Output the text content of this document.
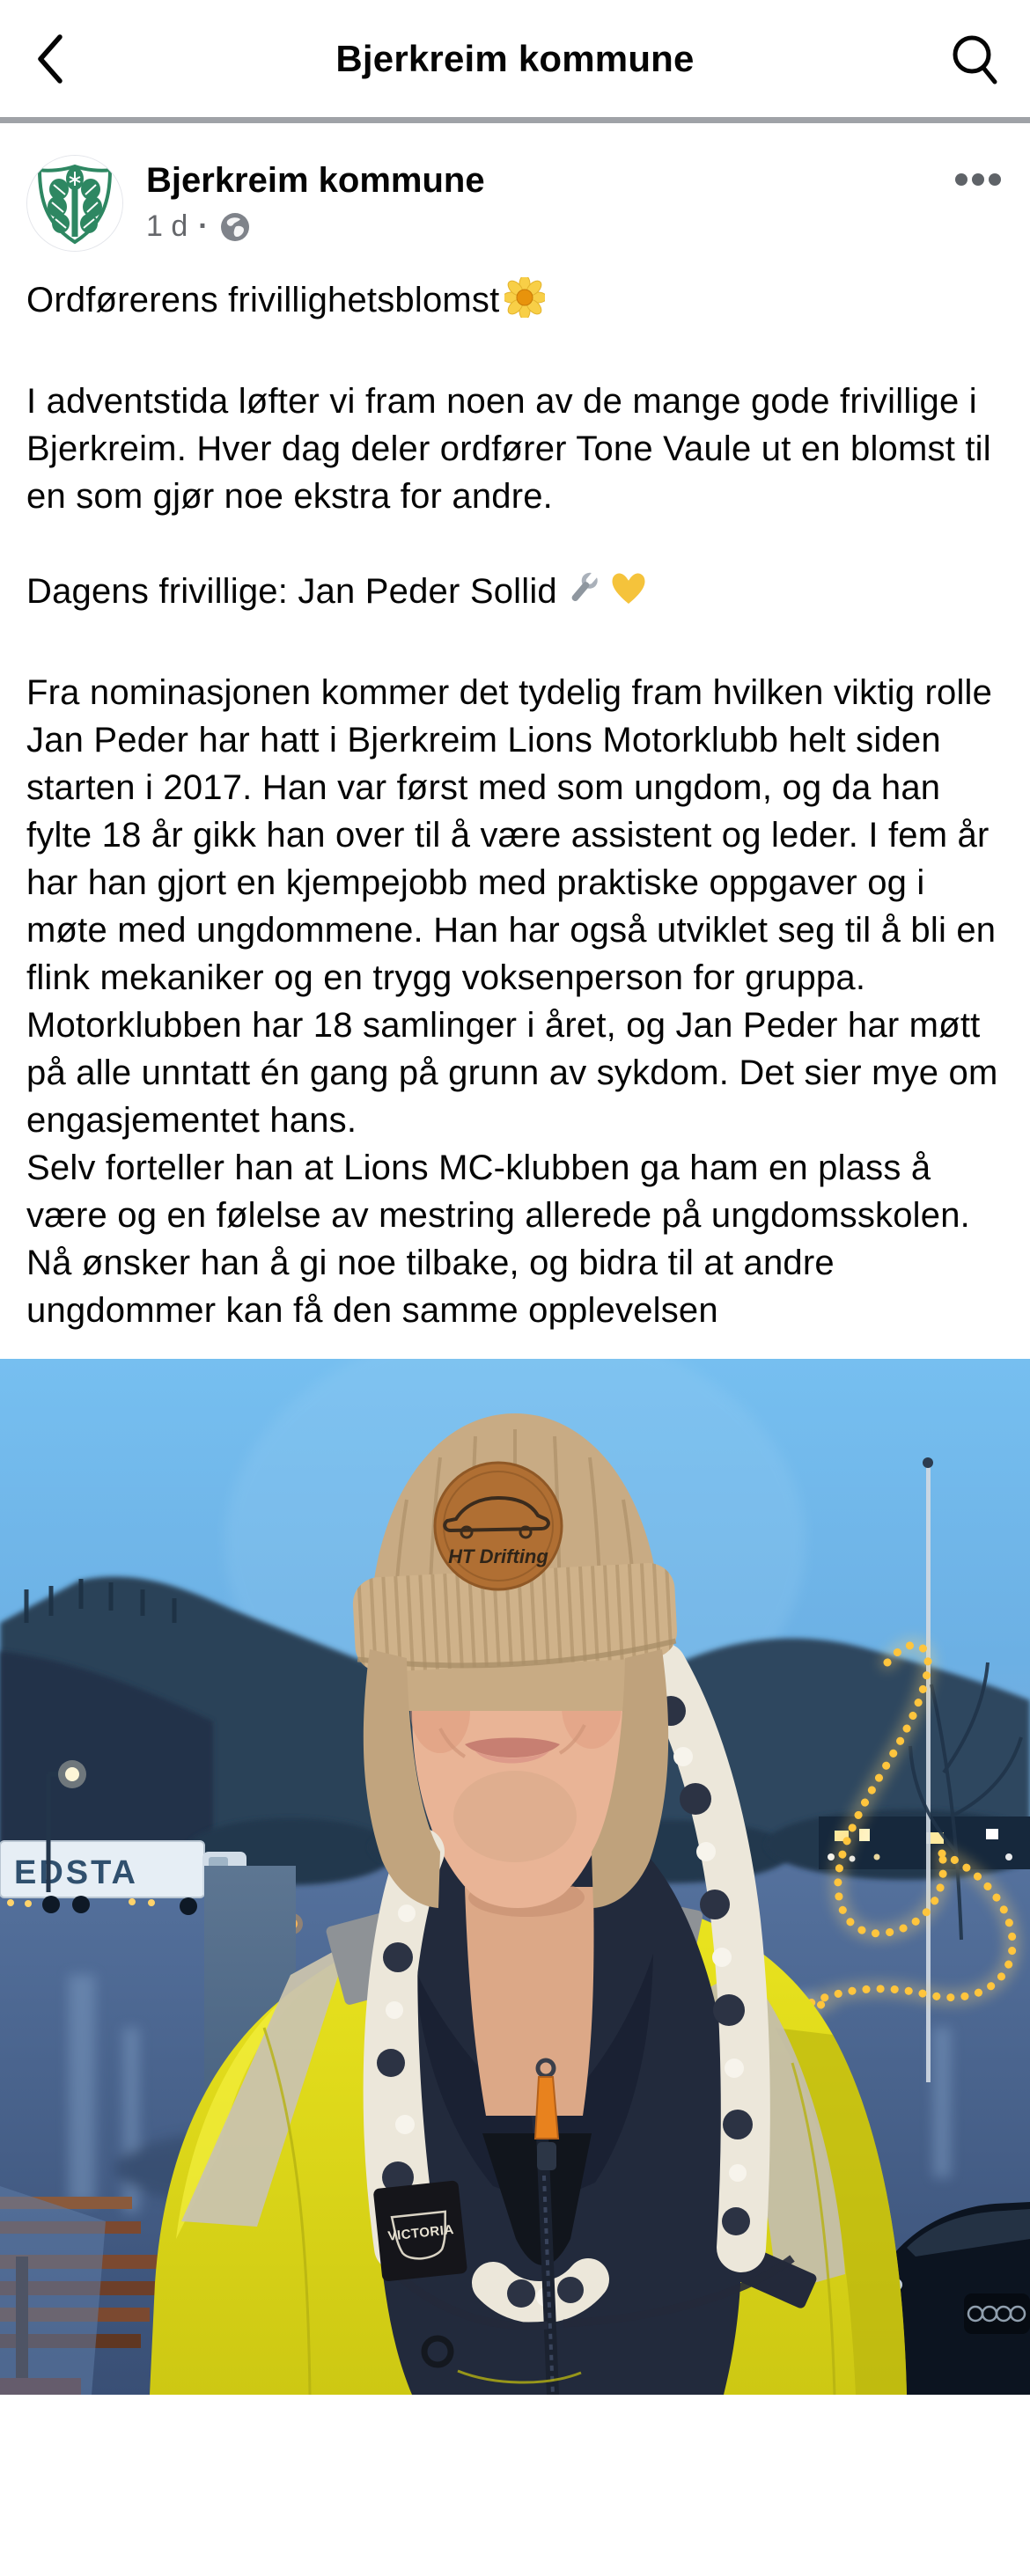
Bjerkreim kommune
Bjerkreim kommune
1 d ·

Ordførerens frivillighetsblomst

I adventstida løfter vi fram noen av de mange gode frivillige i Bjerkreim. Hver dag deler ordfører Tone Vaule ut en blomst til en som gjør noe ekstra for andre.

Dagens frivillige: Jan Peder Sollid

Fra nominasjonen kommer det tydelig fram hvilken viktig rolle Jan Peder har hatt i Bjerkreim Lions Motorklubb helt siden starten i 2017. Han var først med som ungdom, og da han fylte 18 år gikk han over til å være assistent og leder. I fem år har han gjort en kjempejobb med praktiske oppgaver og i møte med ungdommene. Han har også utviklet seg til å bli en flink mekaniker og en trygg voksenperson for gruppa.

Motorklubben har 18 samlinger i året, og Jan Peder har møtt på alle unntatt én gang på grunn av sykdom. Det sier mye om engasjementet hans.

Selv forteller han at Lions MC-klubben ga ham en plass å være og en følelse av mestring allerede på ungdomsskolen. Nå ønsker han å gi noe tilbake, og bidra til at andre ungdommer kan få den samme opplevelsen

EDSTA
HT Drifting
VICTORIA
